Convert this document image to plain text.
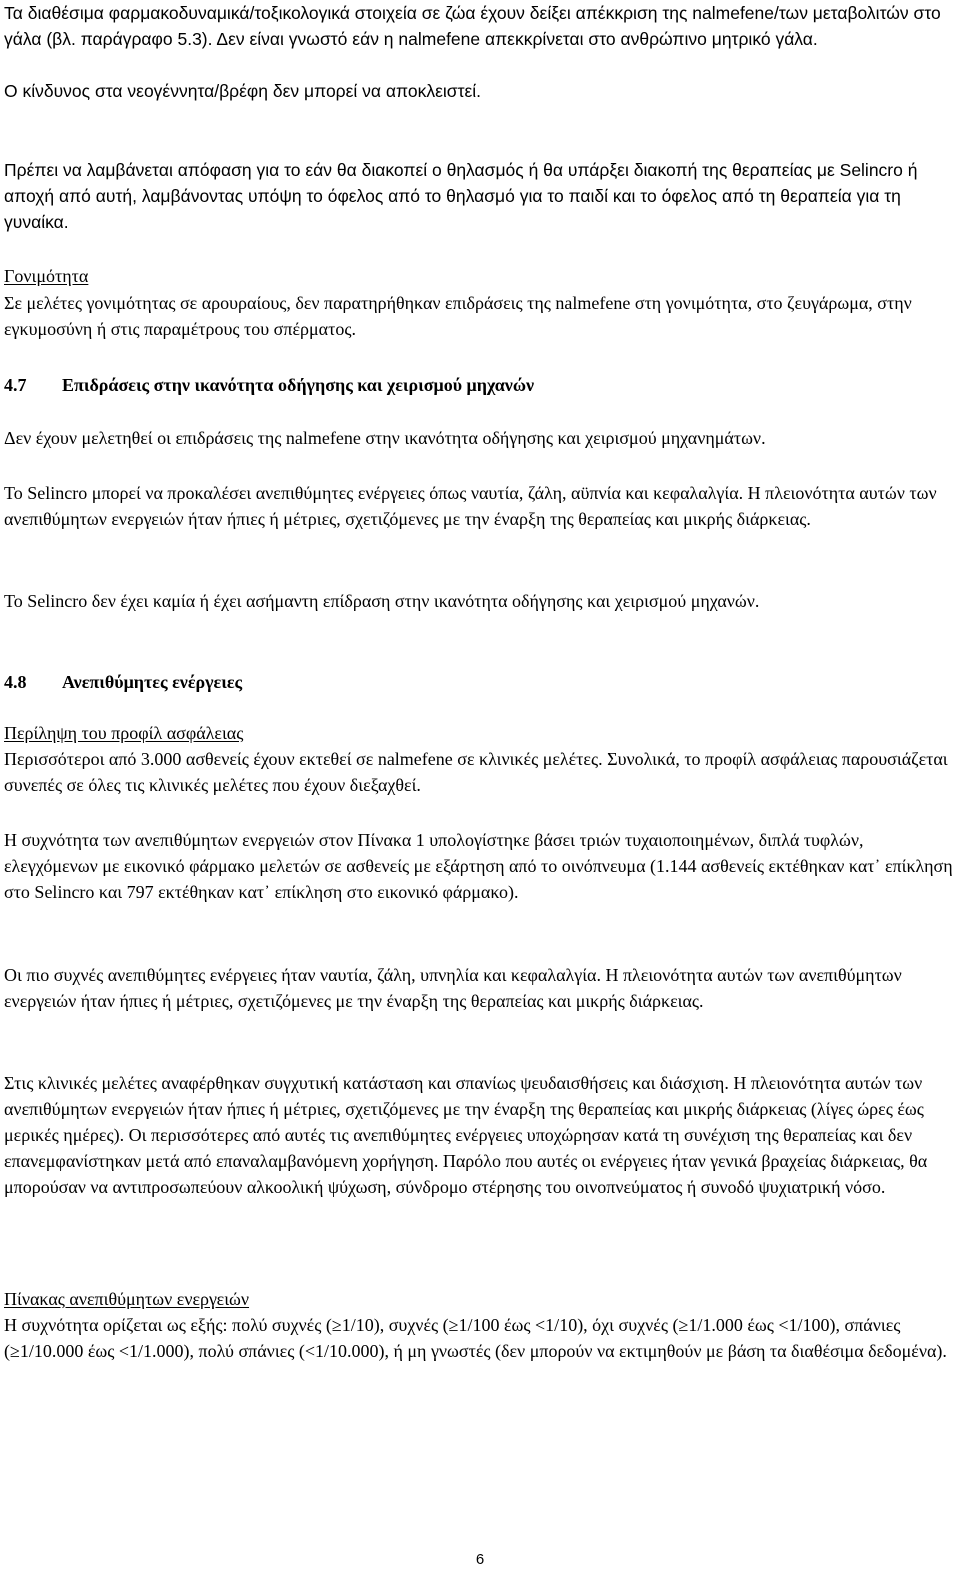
Τα διαθέσιμα φαρμακοδυναμικά/τοξικολογικά στοιχεία σε ζώα έχουν δείξει απέκκριση της nalmefene/των μεταβολιτών στο γάλα (βλ. παράγραφο 5.3). Δεν είναι γνωστό εάν η nalmefene απεκκρίνεται στο ανθρώπινο μητρικό γάλα.

Ο κίνδυνος στα νεογέννητα/βρέφη δεν μπορεί να αποκλειστεί.

Πρέπει να λαμβάνεται απόφαση για το εάν θα διακοπεί ο θηλασμός ή θα υπάρξει διακοπή της θεραπείας με Selincro ή αποχή από αυτή, λαμβάνοντας υπόψη το όφελος από το θηλασμό για το παιδί και το όφελος από τη θεραπεία για τη γυναίκα.

Γονιμότητα

Σε μελέτες γονιμότητας σε αρουραίους, δεν παρατηρήθηκαν επιδράσεις της nalmefene στη γονιμότητα, στο ζευγάρωμα, στην εγκυμοσύνη ή στις παραμέτρους του σπέρματος.

4.7 Επιδράσεις στην ικανότητα οδήγησης και χειρισμού μηχανών

Δεν έχουν μελετηθεί οι επιδράσεις της nalmefene στην ικανότητα οδήγησης και χειρισμού μηχανημάτων.

Το Selincro μπορεί να προκαλέσει ανεπιθύμητες ενέργειες όπως ναυτία, ζάλη, αϋπνία και κεφαλαλγία. Η πλειονότητα αυτών των ανεπιθύμητων ενεργειών ήταν ήπιες ή μέτριες, σχετιζόμενες με την έναρξη της θεραπείας και μικρής διάρκειας.

Το Selincro δεν έχει καμία ή έχει ασήμαντη επίδραση στην ικανότητα οδήγησης και χειρισμού μηχανών.

4.8 Ανεπιθύμητες ενέργειες

Περίληψη του προφίλ ασφάλειας

Περισσότεροι από 3.000 ασθενείς έχουν εκτεθεί σε nalmefene σε κλινικές μελέτες. Συνολικά, το προφίλ ασφάλειας παρουσιάζεται συνεπές σε όλες τις κλινικές μελέτες που έχουν διεξαχθεί.

Η συχνότητα των ανεπιθύμητων ενεργειών στον Πίνακα 1 υπολογίστηκε βάσει τριών τυχαιοποιημένων, διπλά τυφλών, ελεγχόμενων με εικονικό φάρμακο μελετών σε ασθενείς με εξάρτηση από το οινόπνευμα (1.144 ασθενείς εκτέθηκαν κατ᾽ επίκληση στο Selincro και 797 εκτέθηκαν κατ᾽ επίκληση στο εικονικό φάρμακο).

Οι πιο συχνές ανεπιθύμητες ενέργειες ήταν ναυτία, ζάλη, υπνηλία και κεφαλαλγία. Η πλειονότητα αυτών των ανεπιθύμητων ενεργειών ήταν ήπιες ή μέτριες, σχετιζόμενες με την έναρξη της θεραπείας και μικρής διάρκειας.

Στις κλινικές μελέτες αναφέρθηκαν συγχυτική κατάσταση και σπανίως ψευδαισθήσεις και διάσχιση. Η πλειονότητα αυτών των ανεπιθύμητων ενεργειών ήταν ήπιες ή μέτριες, σχετιζόμενες με την έναρξη της θεραπείας και μικρής διάρκειας (λίγες ώρες έως μερικές ημέρες). Οι περισσότερες από αυτές τις ανεπιθύμητες ενέργειες υποχώρησαν κατά τη συνέχιση της θεραπείας και δεν επανεμφανίστηκαν μετά από επαναλαμβανόμενη χορήγηση. Παρόλο που αυτές οι ενέργειες ήταν γενικά βραχείας διάρκειας, θα μπορούσαν να αντιπροσωπεύουν αλκοολική ψύχωση, σύνδρομο στέρησης του οινοπνεύματος ή συνοδό ψυχιατρική νόσο.

Πίνακας ανεπιθύμητων ενεργειών

Η συχνότητα ορίζεται ως εξής: πολύ συχνές (≥1/10), συχνές (≥1/100 έως <1/10), όχι συχνές (≥1/1.000 έως <1/100), σπάνιες (≥1/10.000 έως <1/1.000), πολύ σπάνιες (<1/10.000), ή μη γνωστές (δεν μπορούν να εκτιμηθούν με βάση τα διαθέσιμα δεδομένα).

6
